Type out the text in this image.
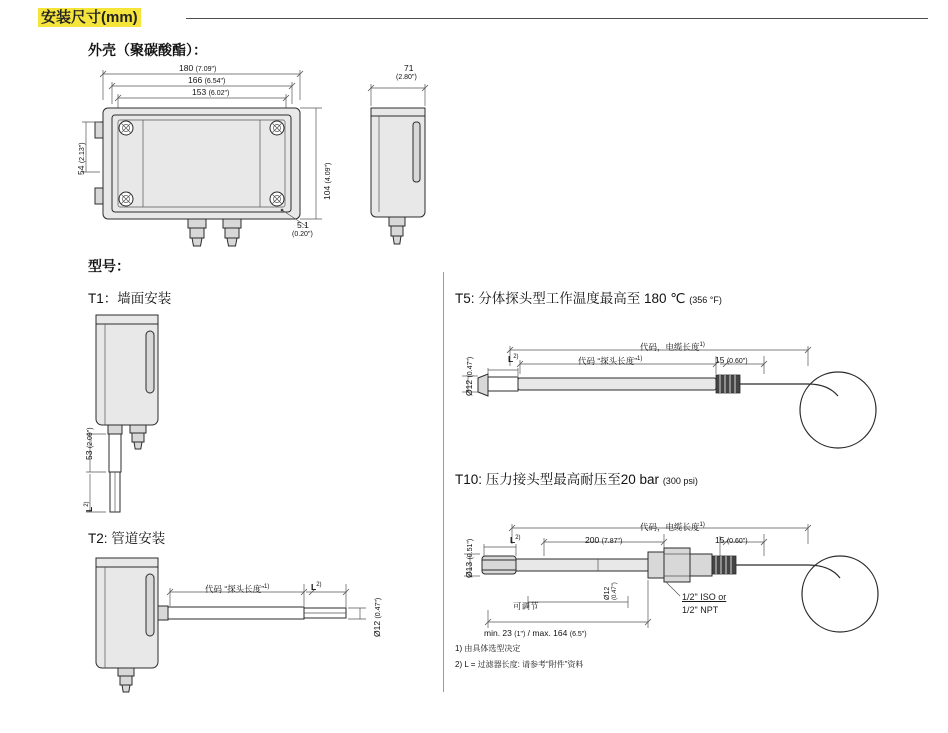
安装尺寸(mm)
外壳（聚碳酸酯）：
180 (7.09")
166 (6.54")
153 (6.02")
54 (2.13")
104 (4.09")
5.1
(0.20")
71
(2.80")
型号：
T1：墙面安装
53 (2.09")
$L^{2)}$
T2: 管道安装
代码 “探头长度”$^{1)}$	$L^{2)}$
Ø12 (0.47")
T5: 分体探头型工作温度最高至 180 ℃ (356 °F)
代码，电缆长度$^{1)}$
代码 “探头长度”$^{1)}$	15 (0.60")
$L^{2)}$
Ø12 (0.47")
T10: 压力接头型最高耐压至20 bar (300 psi)
代码，电缆长度$^{1)}$
200 (7.87")	15 (0.60")
$L^{2)}$
Ø13 (0.51")
Ø12
(0.47")	1/2" ISO or
1/2" NPT
可调节
min. 23 (1") / max. 164 (6.5")
1) 由具体选型决定
2) L = 过滤器长度: 请参考“附件”资料
